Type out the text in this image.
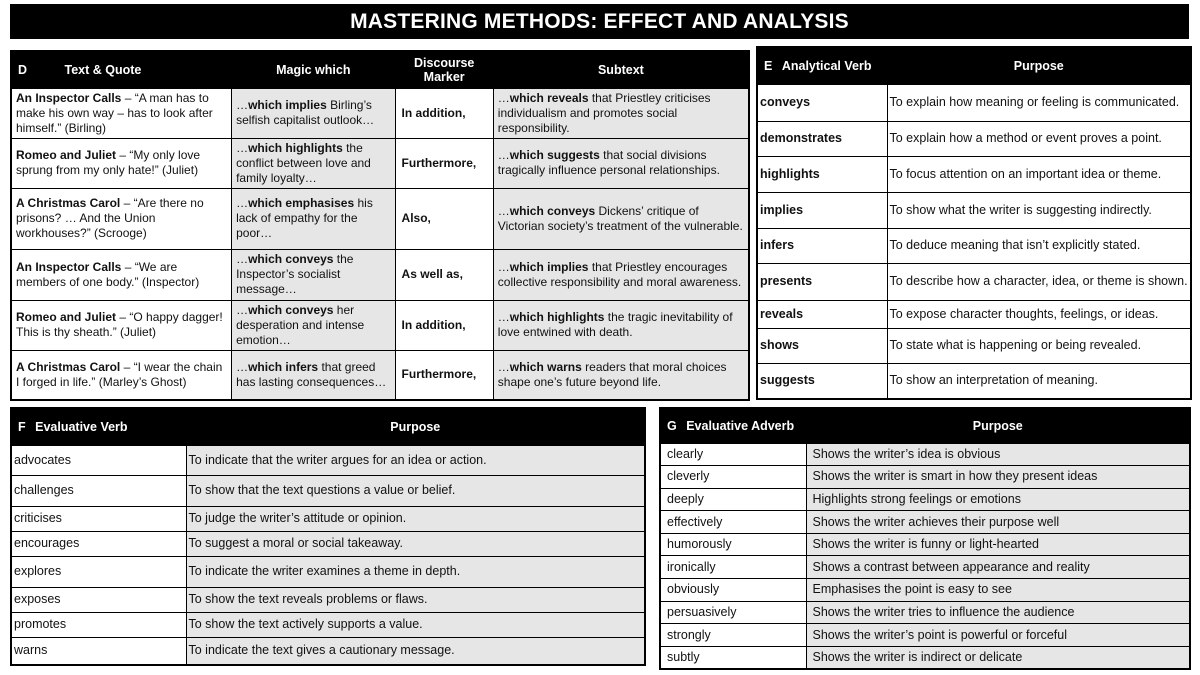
MASTERING METHODS: EFFECT AND ANALYSIS
D Text & Quote	Magic which	Discourse Marker	Subtext
An Inspector Calls – “A man has to make his own way – has to look after himself.” (Birling)	…which implies Birling’s selfish capitalist outlook…	In addition,	…which reveals that Priestley criticises individualism and promotes social responsibility.
Romeo and Juliet – “My only love sprung from my only hate!” (Juliet)	…which highlights the conflict between love and family loyalty…	Furthermore,	…which suggests that social divisions tragically influence personal relationships.
A Christmas Carol – “Are there no prisons? … And the Union workhouses?” (Scrooge)	…which emphasises his lack of empathy for the poor…	Also,	…which conveys Dickens’ critique of Victorian society’s treatment of the vulnerable.
An Inspector Calls – “We are members of one body.” (Inspector)	…which conveys the Inspector’s socialist message…	As well as,	…which implies that Priestley encourages collective responsibility and moral awareness.
Romeo and Juliet – “O happy dagger! This is thy sheath.” (Juliet)	…which conveys her desperation and intense emotion…	In addition,	…which highlights the tragic inevitability of love entwined with death.
A Christmas Carol – “I wear the chain I forged in life.” (Marley’s Ghost)	…which infers that greed has lasting consequences…	Furthermore,	…which warns readers that moral choices shape one’s future beyond life.
E Analytical Verb	Purpose
conveys	To explain how meaning or feeling is communicated.
demonstrates	To explain how a method or event proves a point.
highlights	To focus attention on an important idea or theme.
implies	To show what the writer is suggesting indirectly.
infers	To deduce meaning that isn’t explicitly stated.
presents	To describe how a character, idea, or theme is shown.
reveals	To expose character thoughts, feelings, or ideas.
shows	To state what is happening or being revealed.
suggests	To show an interpretation of meaning.
F Evaluative Verb	Purpose
advocates	To indicate that the writer argues for an idea or action.
challenges	To show that the text questions a value or belief.
criticises	To judge the writer’s attitude or opinion.
encourages	To suggest a moral or social takeaway.
explores	To indicate the writer examines a theme in depth.
exposes	To show the text reveals problems or flaws.
promotes	To show the text actively supports a value.
warns	To indicate the text gives a cautionary message.
G Evaluative Adverb	Purpose
clearly	Shows the writer’s idea is obvious
cleverly	Shows the writer is smart in how they present ideas
deeply	Highlights strong feelings or emotions
effectively	Shows the writer achieves their purpose well
humorously	Shows the writer is funny or light-hearted
ironically	Shows a contrast between appearance and reality
obviously	Emphasises the point is easy to see
persuasively	Shows the writer tries to influence the audience
strongly	Shows the writer’s point is powerful or forceful
subtly	Shows the writer is indirect or delicate
